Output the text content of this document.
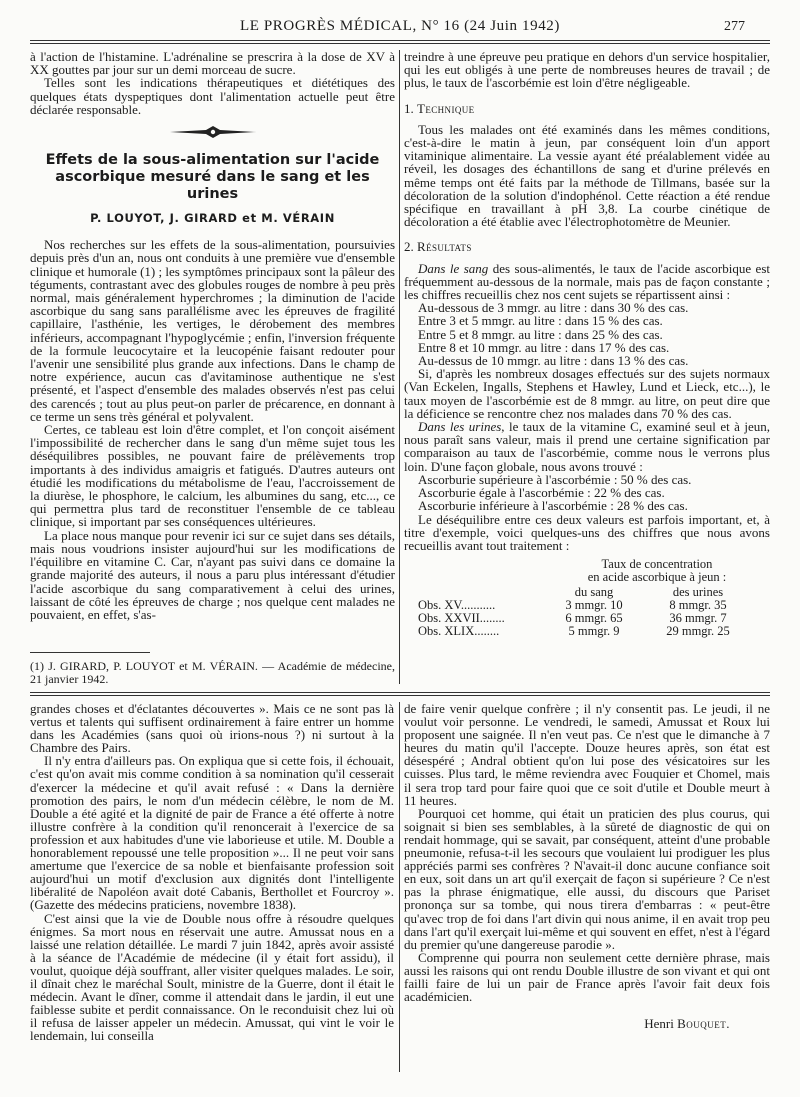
LE PROGRÈS MÉDICAL, N° 16 (24 Juin 1942)	277

à l'action de l'histamine. L'adrénaline se prescrira à la dose de XV à XX gouttes par jour sur un demi morceau de sucre.

Telles sont les indications thérapeutiques et diététiques des quelques états dyspeptiques dont l'alimentation actuelle peut être déclarée responsable.

Effets de la sous-alimentation sur l'acide ascorbique mesuré dans le sang et les urines
P. LOUYOT, J. GIRARD et M. VÉRAIN

Nos recherches sur les effets de la sous-alimentation, poursuivies depuis près d'un an, nous ont conduits à une première vue d'ensemble clinique et humorale (1) ; les symptômes principaux sont la pâleur des téguments, contrastant avec des globules rouges de nombre à peu près normal, mais généralement hyperchromes ; la diminution de l'acide ascorbique du sang sans parallélisme avec les épreuves de fragilité capillaire, l'asthénie, les vertiges, le dérobement des membres inférieurs, accompagnant l'hypoglycémie ; enfin, l'inversion fréquente de la formule leucocytaire et la leucopénie faisant redouter pour l'avenir une sensibilité plus grande aux infections. Dans le champ de notre expérience, aucun cas d'avitaminose authentique ne s'est présenté, et l'aspect d'ensemble des malades observés n'est pas celui des carencés ; tout au plus peut-on parler de précarence, en donnant à ce terme un sens très général et polyvalent.

Certes, ce tableau est loin d'être complet, et l'on conçoit aisément l'impossibilité de rechercher dans le sang d'un même sujet tous les déséquilibres possibles, ne pouvant faire de prélèvements trop importants à des individus amaigris et fatigués. D'autres auteurs ont étudié les modifications du métabolisme de l'eau, l'accroissement de la diurèse, le phosphore, le calcium, les albumines du sang, etc..., ce qui permettra plus tard de reconstituer l'ensemble de ce tableau clinique, si important par ses conséquences ultérieures.

La place nous manque pour revenir ici sur ce sujet dans ses détails, mais nous voudrions insister aujourd'hui sur les modifications de l'équilibre en vitamine C. Car, n'ayant pas suivi dans ce domaine la grande majorité des auteurs, il nous a paru plus intéressant d'étudier l'acide ascorbique du sang comparativement à celui des urines, laissant de côté les épreuves de charge ; nos quelque cent malades ne pouvaient, en effet, s'as-

(1) J. GIRARD, P. LOUYOT et M. VÉRAIN. — Académie de médecine, 21 janvier 1942.

treindre à une épreuve peu pratique en dehors d'un service hospitalier, qui les eut obligés à une perte de nombreuses heures de travail ; de plus, le taux de l'ascorbémie est loin d'être négligeable.

1. Technique

Tous les malades ont été examinés dans les mêmes conditions, c'est-à-dire le matin à jeun, par conséquent loin d'un apport vitaminique alimentaire. La vessie ayant été préalablement vidée au réveil, les dosages des échantillons de sang et d'urine prélevés en même temps ont été faits par la méthode de Tillmans, basée sur la décoloration de la solution d'indophénol. Cette réaction a été rendue spécifique en travaillant à pH 3,8. La courbe cinétique de décoloration a été établie avec l'électrophotomètre de Meunier.

2. Résultats

Dans le sang des sous-alimentés, le taux de l'acide ascorbique est fréquemment au-dessous de la normale, mais pas de façon constante ; les chiffres recueillis chez nos cent sujets se répartissent ainsi :

Au-dessous de 3 mmgr. au litre : dans 30 % des cas.

Entre 3 et 5 mmgr. au litre : dans 15 % des cas.

Entre 5 et 8 mmgr. au litre : dans 25 % des cas.

Entre 8 et 10 mmgr. au litre : dans 17 % des cas.

Au-dessus de 10 mmgr. au litre : dans 13 % des cas.

Si, d'après les nombreux dosages effectués sur des sujets normaux (Van Eckelen, Ingalls, Stephens et Hawley, Lund et Lieck, etc...), le taux moyen de l'ascorbémie est de 8 mmgr. au litre, on peut dire que la déficience se rencontre chez nos malades dans 70 % des cas.

Dans les urines, le taux de la vitamine C, examiné seul et à jeun, nous paraît sans valeur, mais il prend une certaine signification par comparaison au taux de l'ascorbémie, comme nous le verrons plus loin. D'une façon globale, nous avons trouvé :

Ascorburie supérieure à l'ascorbémie : 50 % des cas.

Ascorburie égale à l'ascorbémie : 22 % des cas.

Ascorburie inférieure à l'ascorbémie : 28 % des cas.

Le déséquilibre entre ces deux valeurs est parfois important, et, à titre d'exemple, voici quelques-uns des chiffres que nous avons recueillis avant tout traitement :

Taux de concentration
en acide ascorbique à jeun :
	du sang	des urines
Obs. XV...........	3 mmgr. 10	8 mmgr. 35
Obs. XXVII........	6 mmgr. 65	36 mmgr. 7
Obs. XLIX........	5 mmgr. 9	29 mmgr. 25

grandes choses et d'éclatantes découvertes ». Mais ce ne sont pas là vertus et talents qui suffisent ordinairement à faire entrer un homme dans les Académies (sans quoi où irions-nous ?) ni surtout à la Chambre des Pairs.

Il n'y entra d'ailleurs pas. On expliqua que si cette fois, il échouait, c'est qu'on avait mis comme condition à sa nomination qu'il cesserait d'exercer la médecine et qu'il avait refusé : « Dans la dernière promotion des pairs, le nom d'un médecin célèbre, le nom de M. Double a été agité et la dignité de pair de France a été offerte à notre illustre confrère à la condition qu'il renoncerait à l'exercice de sa profession et aux habitudes d'une vie laborieuse et utile. M. Double a honorablement repoussé une telle proposition »... Il ne peut voir sans amertume que l'exercice de sa noble et bienfaisante profession soit aujourd'hui un motif d'exclusion aux dignités dont l'intelligente libéralité de Napoléon avait doté Cabanis, Berthollet et Fourcroy ». (Gazette des médecins praticiens, novembre 1838).

C'est ainsi que la vie de Double nous offre à résoudre quelques énigmes. Sa mort nous en réservait une autre. Amussat nous en a laissé une relation détaillée. Le mardi 7 juin 1842, après avoir assisté à la séance de l'Académie de médecine (il y était fort assidu), il voulut, quoique déjà souffrant, aller visiter quelques malades. Le soir, il dînait chez le maréchal Soult, ministre de la Guerre, dont il était le médecin. Avant le dîner, comme il attendait dans le jardin, il eut une faiblesse subite et perdit connaissance. On le reconduisit chez lui où il refusa de laisser appeler un médecin. Amussat, qui vint le voir le lendemain, lui conseilla

de faire venir quelque confrère ; il n'y consentit pas. Le jeudi, il ne voulut voir personne. Le vendredi, le samedi, Amussat et Roux lui proposent une saignée. Il n'en veut pas. Ce n'est que le dimanche à 7 heures du matin qu'il l'accepte. Douze heures après, son état est désespéré ; Andral obtient qu'on lui pose des vésicatoires sur les cuisses. Plus tard, le même reviendra avec Fouquier et Chomel, mais il sera trop tard pour faire quoi que ce soit d'utile et Double meurt à 11 heures.

Pourquoi cet homme, qui était un praticien des plus courus, qui soignait si bien ses semblables, à la sûreté de diagnostic de qui on rendait hommage, qui se savait, par conséquent, atteint d'une probable pneumonie, refusa-t-il les secours que voulaient lui prodiguer les plus appréciés parmi ses confrères ? N'avait-il donc aucune confiance soit en eux, soit dans un art qu'il exerçait de façon si supérieure ? Ce n'est pas la phrase énigmatique, elle aussi, du discours que Pariset prononça sur sa tombe, qui nous tirera d'embarras : « peut-être qu'avec trop de foi dans l'art divin qui nous anime, il en avait trop peu dans l'art qu'il exerçait lui-même et qui souvent en effet, n'est à l'égard du premier qu'une dangereuse parodie ».

Comprenne qui pourra non seulement cette dernière phrase, mais aussi les raisons qui ont rendu Double illustre de son vivant et qui ont failli faire de lui un pair de France après l'avoir fait deux fois académicien.

Henri Bouquet.
